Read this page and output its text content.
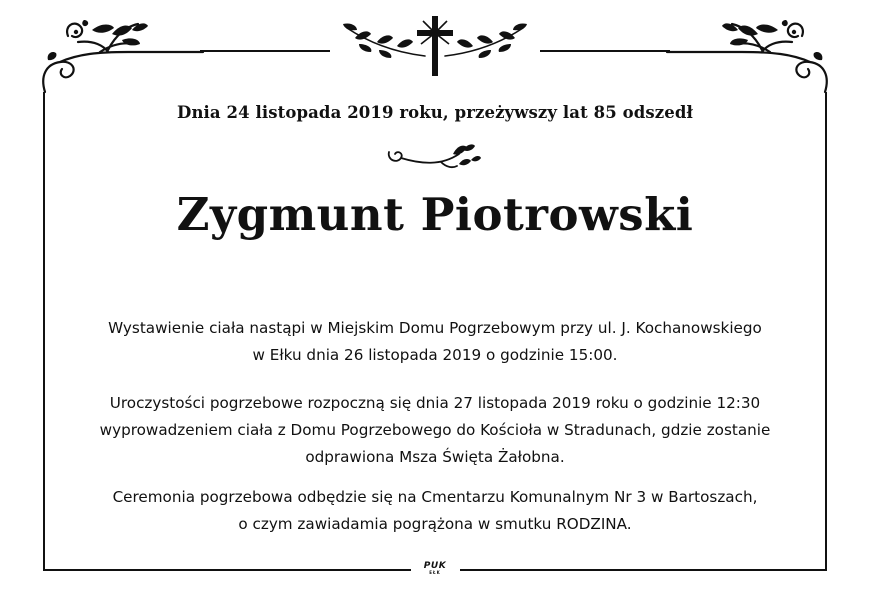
Dnia 24 listopada 2019 roku, przeżywszy lat 85 odszedł
Zygmunt Piotrowski
Wystawienie ciała nastąpi w Miejskim Domu Pogrzebowym przy ul. J. Kochanowskiego
w Ełku dnia 26 listopada 2019 o godzinie 15:00.
Uroczystości pogrzebowe rozpoczną się dnia 27 listopada 2019 roku o godzinie 12:30
wyprowadzeniem ciała z Domu Pogrzebowego do Kościoła w Stradunach, gdzie zostanie
odprawiona Msza Święta Żałobna.
Ceremonia pogrzebowa odbędzie się na Cmentarzu Komunalnym Nr 3 w Bartoszach,
o czym zawiadamia pogrążona w smutku RODZINA.
PUK
EŁK
